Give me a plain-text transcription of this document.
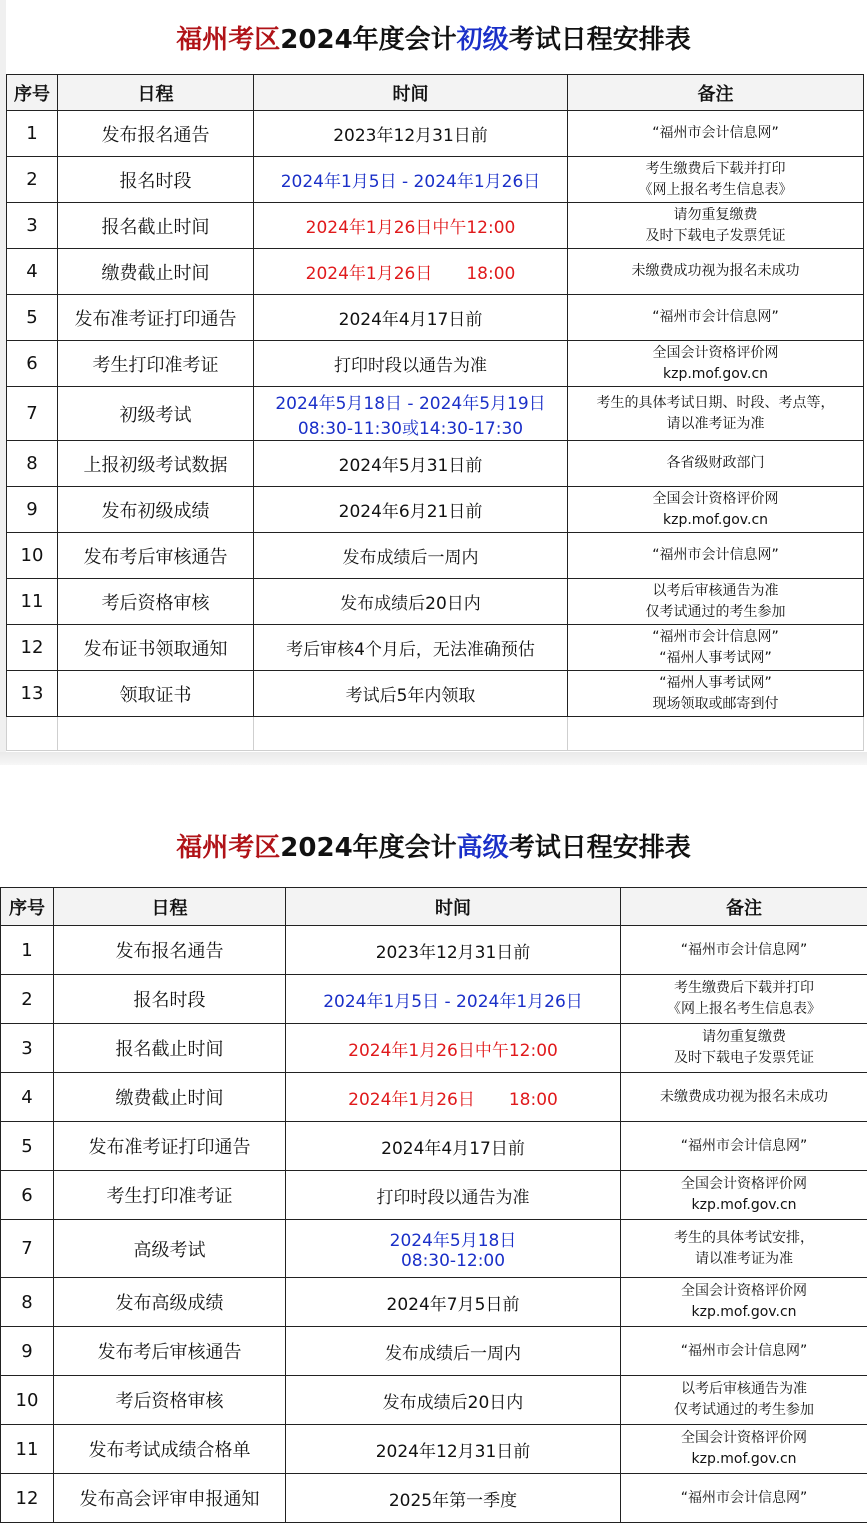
福州考区2024年度会计初级考试日程安排表
序号	日程	时间	备注
1	发布报名通告	2023年12月31日前	“福州市会计信息网”

2	报名时段	2024年1月5日 - 2024年1月26日	考生缴费后下载并打印
《网上报名考生信息表》

3	报名截止时间	2024年1月26日中午12:00	请勿重复缴费
及时下载电子发票凭证

4	缴费截止时间	2024年1月26日 18:00	未缴费成功视为报名未成功

5	发布准考证打印通告	2024年4月17日前	“福州市会计信息网”

6	考生打印准考证	打印时段以通告为准	全国会计资格评价网
kzp.mof.gov.cn

7	初级考试	2024年5月18日 - 2024年5月19日
08:30-11:30或14:30-17:30	考生的具体考试日期、时段、考点等，
请以准考证为准

8	上报初级考试数据	2024年5月31日前	各省级财政部门

9	发布初级成绩	2024年6月21日前	全国会计资格评价网
kzp.mof.gov.cn

10	发布考后审核通告	发布成绩后一周内	“福州市会计信息网”

11	考后资格审核	发布成绩后20日内	以考后审核通告为准
仅考试通过的考生参加

12	发布证书领取通知	考后审核4个月后，无法准确预估	“福州市会计信息网”
“福州人事考试网”

13	领取证书	考试后5年内领取	“福州人事考试网”
现场领取或邮寄到付

福州考区2024年度会计高级考试日程安排表
序号	日程	时间	备注
1	发布报名通告	2023年12月31日前	“福州市会计信息网”

2	报名时段	2024年1月5日 - 2024年1月26日	考生缴费后下载并打印
《网上报名考生信息表》

3	报名截止时间	2024年1月26日中午12:00	请勿重复缴费
及时下载电子发票凭证

4	缴费截止时间	2024年1月26日 18:00	未缴费成功视为报名未成功

5	发布准考证打印通告	2024年4月17日前	“福州市会计信息网”

6	考生打印准考证	打印时段以通告为准	全国会计资格评价网
kzp.mof.gov.cn

7	高级考试	2024年5月18日
08:30-12:00	考生的具体考试安排，
请以准考证为准

8	发布高级成绩	2024年7月5日前	全国会计资格评价网
kzp.mof.gov.cn

9	发布考后审核通告	发布成绩后一周内	“福州市会计信息网”

10	考后资格审核	发布成绩后20日内	以考后审核通告为准
仅考试通过的考生参加

11	发布考试成绩合格单	2024年12月31日前	全国会计资格评价网
kzp.mof.gov.cn

12	发布高会评审申报通知	2025年第一季度	“福州市会计信息网”
